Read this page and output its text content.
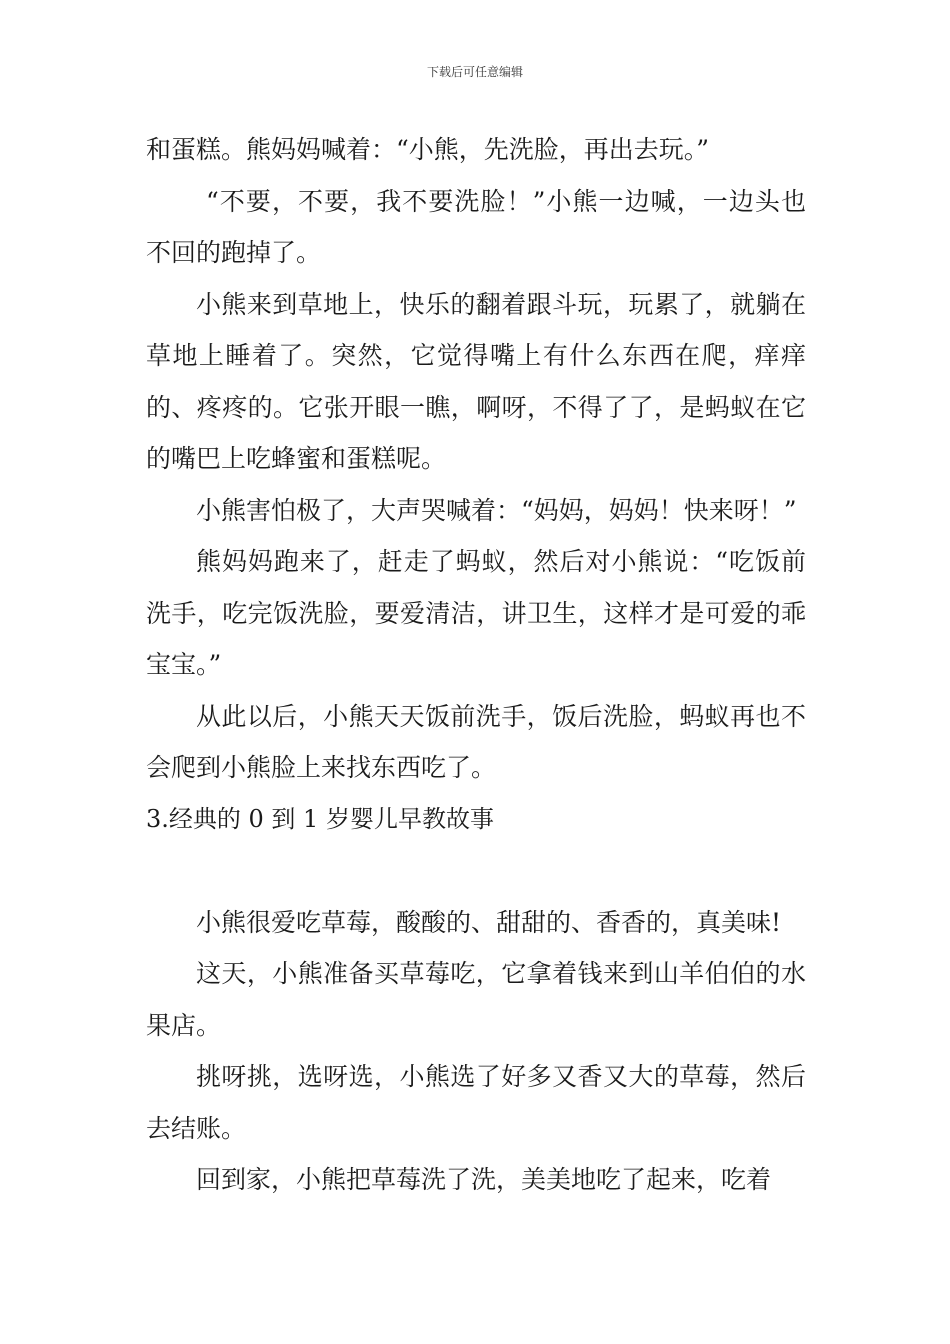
下载后可任意编辑

和蛋糕。熊妈妈喊着：“小熊，先洗脸，再出去玩。”

“不要，不要，我不要洗脸！”小熊一边喊，一边头也不回的跑掉了。

小熊来到草地上，快乐的翻着跟斗玩，玩累了，就躺在草地上睡着了。突然，它觉得嘴上有什么东西在爬，痒痒的、疼疼的。它张开眼一瞧，啊呀，不得了了，是蚂蚁在它的嘴巴上吃蜂蜜和蛋糕呢。

小熊害怕极了，大声哭喊着：“妈妈，妈妈！快来呀！”

熊妈妈跑来了，赶走了蚂蚁，然后对小熊说：“吃饭前洗手，吃完饭洗脸，要爱清洁，讲卫生，这样才是可爱的乖宝宝。”

从此以后，小熊天天饭前洗手，饭后洗脸，蚂蚁再也不会爬到小熊脸上来找东西吃了。

3.经典的 0 到 1 岁婴儿早教故事

小熊很爱吃草莓，酸酸的、甜甜的、香香的，真美味!

这天，小熊准备买草莓吃，它拿着钱来到山羊伯伯的水果店。

挑呀挑，选呀选，小熊选了好多又香又大的草莓，然后去结账。

回到家，小熊把草莓洗了洗，美美地吃了起来，吃着
